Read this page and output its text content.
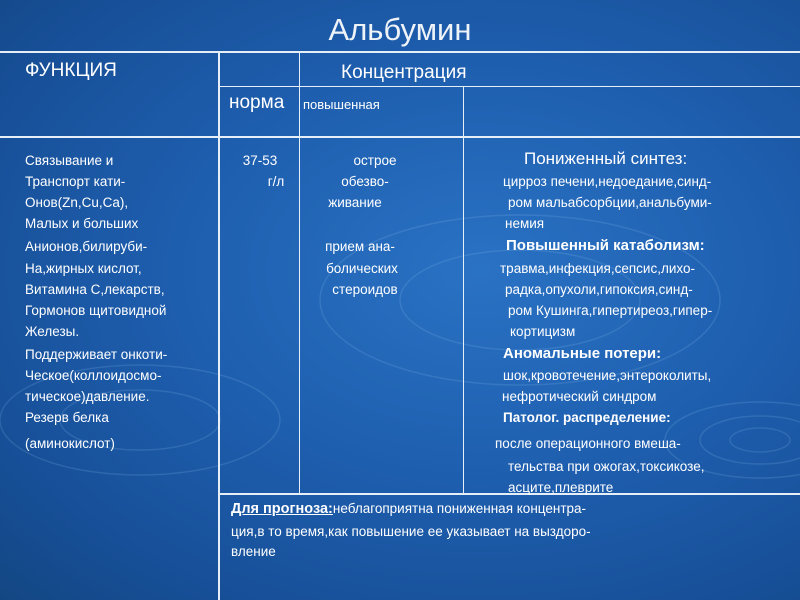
Альбумин
ФУНКЦИЯ	Концентрация
норма повышенная
Связывание и
Транспорт кати-
Онов(Zn,Cu,Ca),
Малых и больших
Анионов,билируби-
На,жирных кислот,
Витамина С,лекарств,
Гормонов щитовидной
Железы.
Поддерживает онкоти-
Ческое(коллоидосмо-
тическое)давление.
Резерв белка
(аминокислот)
37-53
г/л
острое
обезво-
живание
прием ана-
болических
стероидов
Пониженный синтез:
цирроз печени,недоедание,синд-
ром мальабсорбции,анальбуми-
немия
Повышенный катаболизм:
травма,инфекция,сепсис,лихо-
радка,опухоли,гипоксия,синд-
ром Кушинга,гипертиреоз,гипер-
кортицизм
Аномальные потери:
шок,кровотечение,энтероколиты,
нефротический синдром
Патолог. распределение:
после операционного вмеша-
тельства при ожогах,токсикозе,
асците,плеврите
Для прогноза:неблагоприятна пониженная концентра-
ция,в то время,как повышение ее указывает на выздоро-
вление
